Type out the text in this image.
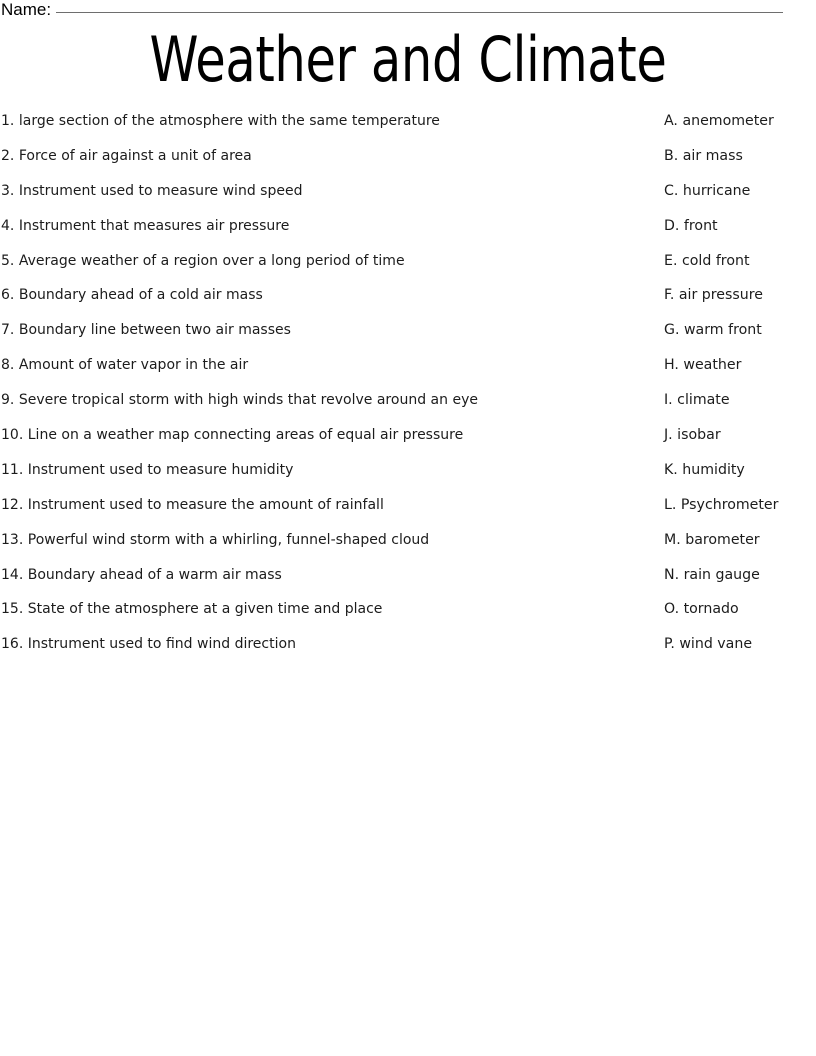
Name:
Weather and Climate
1. large section of the atmosphere with the same temperature
2. Force of air against a unit of area
3. Instrument used to measure wind speed
4. Instrument that measures air pressure
5. Average weather of a region over a long period of time
6. Boundary ahead of a cold air mass
7. Boundary line between two air masses
8. Amount of water vapor in the air
9. Severe tropical storm with high winds that revolve around an eye
10. Line on a weather map connecting areas of equal air pressure
11. Instrument used to measure humidity
12. Instrument used to measure the amount of rainfall
13. Powerful wind storm with a whirling, funnel-shaped cloud
14. Boundary ahead of a warm air mass
15. State of the atmosphere at a given time and place
16. Instrument used to find wind direction
A. anemometer
B. air mass
C. hurricane
D. front
E. cold front
F. air pressure
G. warm front
H. weather
I. climate
J. isobar
K. humidity
L. Psychrometer
M. barometer
N. rain gauge
O. tornado
P. wind vane
